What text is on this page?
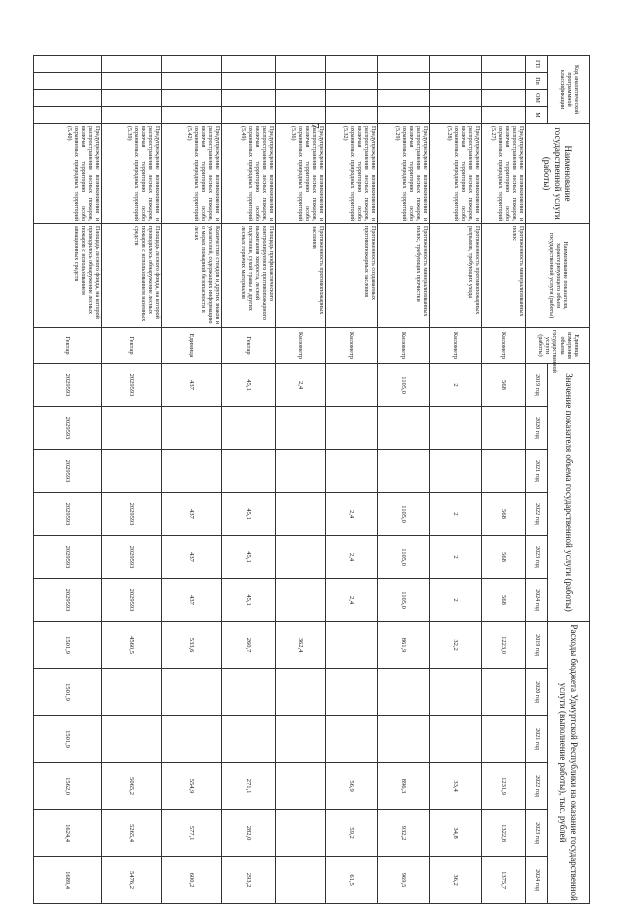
7
Код аналитической программной классификации				Наименование государственной услуги (работы)	Наименование показателя, характеризующего объем государственной услуги (работы)	Единица измерения объема государственной услуги (работы)	Значение показателя объема государственной услуги (работы)						Расходы бюджета Удмуртской Республики на оказание государственной услуги (выполнение работы), тыс. рублей					
ГП	Пп	ОМ	М				2019 год	2020 год	2021 год	2022 год	2023 год	2024 год	2019 год	2020 год	2021 год	2022 год	2023 год	2024 год
				Предупреждение возникновения и распространения лесных пожаров, включая территорию особо охраняемых природных территорий (5.27)	Протяженность минерализованных полос	Километр	568			568	568	568	1223,0			1231,9	1322,8	1375,7
				Предупреждение возникновения и распространения лесных пожаров, включая территорию особо охраняемых природных территорий (5.28)	Протяженность противопожарных разрывов, требующих ухода	Километр	2			2	2	2	32,2			33,4	34,8	36,2
				Предупреждение возникновения и распространения лесных пожаров, включая территорию особо охраняемых природных территорий (5.29)	Протяженность минерализованных полос, требующих прочистки	Километр	1105,0			1105,0	1105,0	1105,0	861,9			896,3	932,2	969,5
				Предупреждение возникновения и распространения лесных пожаров, включая территорию особо охраняемых природных территорий (5.32)	Протяженность создаваемых противопожарных заслонов	Километр				2,4	2,4	2,4				56,9	59,2	61,5
				Предупреждение возникновения и распространения лесных пожаров, включая территорию особо охраняемых природных территорий (5.36)	Протяженность противопожарных заслонов	Километр	2,4						362,4					
				Предупреждение возникновения и распространения лесных пожаров, включая территорию особо охраняемых природных территорий (5.49)	Площадь профилактического контролируемого противопожарного выжигания хвороста, лесной подстилки, сухой травы и других лесных горючих материалов	Гектар	45,1			45,1	45,1	45,1	260,7			271,1	282,0	293,2
				Предупреждение возникновения и распространения лесных пожаров, включая территорию особо охраняемых природных территорий (5.42)	Количество стендов и других знаков и указателей, содержащих информацию о мерах пожарной безопасности в лесах	Единица	437			437	437	437	533,6			554,9	577,1	600,2
				Предупреждение возникновения и распространения лесных пожаров, включая территорию особо охраняемых природных территорий (5.39)	Площадь лесного фонда, на которой проводилось обнаружение лесных пожаров с использованием наземных средств	Гектар	2029593			2029593	2029593	2029593	4560,5			5065,2	5265,4	5476,2
				Предупреждение возникновения и распространения лесных пожаров, включая территорию особо охраняемых природных территорий (5.40)	Площадь лесного фонда, на которой проводилось обнаружение лесных пожаров с использованием авиационных средств	Гектар	2029593	2029593	2029593	2029593	2029593	2029593	1501,9	1501,9	1501,9	1562,0	1624,4	1689,4
